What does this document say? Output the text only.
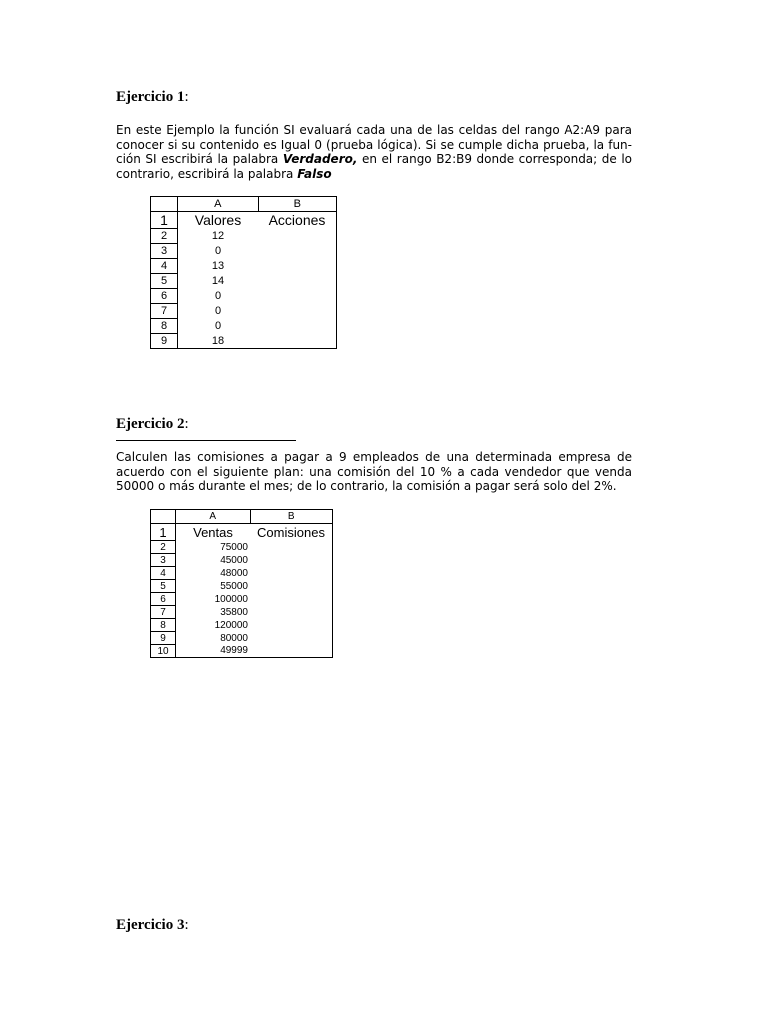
Ejercicio 1:

En este Ejemplo la función SI evaluará cada una de las celdas del rango A2:A9 para conocer si su contenido es Igual 0 (prueba lógica). Si se cumple dicha prueba, la fun-ción SI escribirá la palabra Verdadero, en el rango B2:B9 donde corresponda; de lo contrario, escribirá la palabra Falso

	A	B
1	Valores	Acciones
2	12	
3	0	
4	13	
5	14	
6	0	
7	0	
8	0	
9	18	
Ejercicio 2:

Calculen las comisiones a pagar a 9 empleados de una determinada empresa de acuerdo con el siguiente plan: una comisión del 10 % a cada vendedor que venda 50000 o más durante el mes; de lo contrario, la comisión a pagar será solo del 2%.

	A	B
1	Ventas	Comisiones
2	75000	
3	45000	
4	48000	
5	55000	
6	100000	
7	35800	
8	120000	
9	80000	
10	49999	
Ejercicio 3:
